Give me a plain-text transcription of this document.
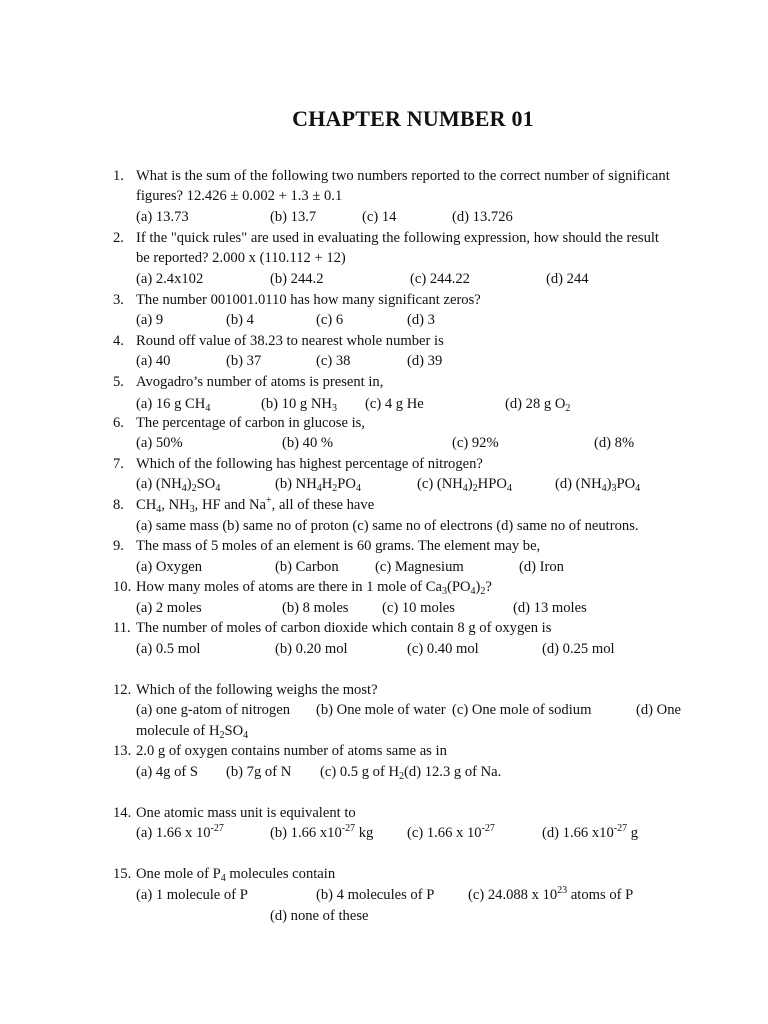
CHAPTER NUMBER 01
1. What is the sum of the following two numbers reported to the correct number of significant
figures? 12.426 ± 0.002 + 1.3 ± 0.1
(a) 13.73	(b) 13.7	(c) 14	(d) 13.726
2. If the "quick rules" are used in evaluating the following expression, how should the result
be reported? 2.000 x (110.112 + 12)
(a) 2.4x102	(b) 244.2	(c) 244.22	(d) 244
3. The number 001001.0110 has how many significant zeros?
(a) 9	(b) 4	(c) 6	(d) 3
4. Round off value of 38.23 to nearest whole number is
(a) 40	(b) 37	(c) 38	(d) 39
5. Avogadro’s number of atoms is present in,
(a) 16 g $CH_4$	(b) 10 g $NH_3$ (c) 4 g He	(d) 28 g $O_2$
6. The percentage of carbon in glucose is,
(a) 50%	(b) 40 %	(c) 92%	(d) 8%
7. Which of the following has highest percentage of nitrogen?
(a) $(NH_4)_2SO_4$	(b) $NH_4H_2PO_4$	(c) $(NH_4)_2HPO_4$	(d) $(NH_4)_3PO_4$
8. $CH_4$, $NH_3$, HF and Na+, all of these have
(a) same mass (b) same no of proton (c) same no of electrons (d) same no of neutrons.
9. The mass of 5 moles of an element is 60 grams. The element may be,
(a) Oxygen	(b) Carbon (c) Magnesium	(d) Iron
10. How many moles of atoms are there in 1 mole of $Ca_3(PO_4)_2$?
(a) 2 moles	(b) 8 moles (c) 10 moles	(d) 13 moles
11. The number of moles of carbon dioxide which contain 8 g of oxygen is
(a) 0.5 mol	(b) 0.20 mol	(c) 0.40 mol	(d) 0.25 mol
12. Which of the following weighs the most?
(a) one g-atom of nitrogen (b) One mole of water (c) One mole of sodium	(d) One
molecule of $H_2SO_4$
13. 2.0 g of oxygen contains number of atoms same as in
(a) 4g of S (b) 7g of N (c) 0.5 g of $H_2(d)$ 12.3 g of Na.
14. One atomic mass unit is equivalent to
(a) 1.66 x $10^{-27}$	(b) 1.66 $x10^{-27}$ kg (c) 1.66 x $10^{-27}$	(d) 1.66 $x10^{-27}$ g
15. One mole of $P_4$ molecules contain
(a) 1 molecule of P	(b) 4 molecules of P (c) 24.088 x $10^{23}$ atoms of P
(d) none of these
